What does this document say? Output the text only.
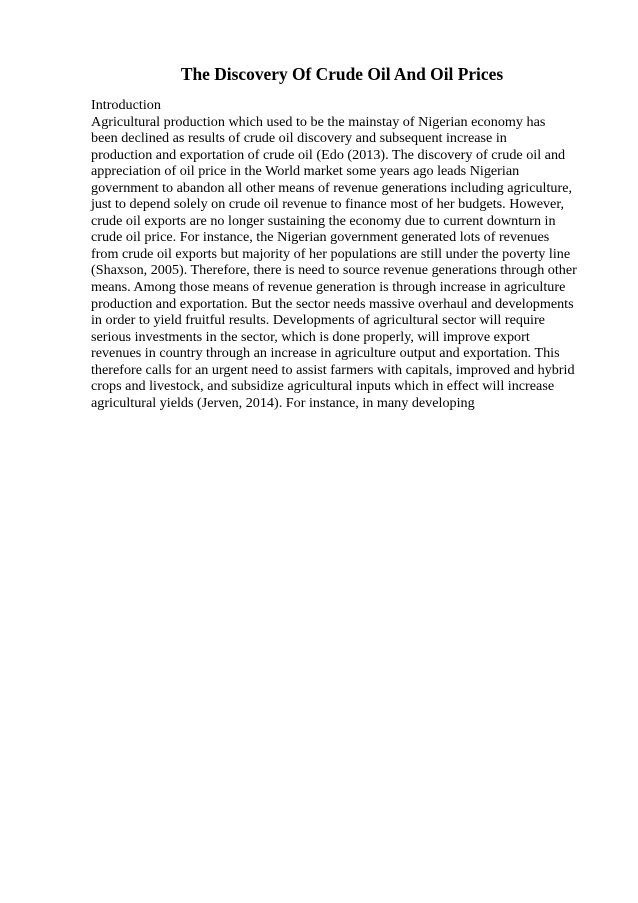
The Discovery Of Crude Oil And Oil Prices
Introduction
Agricultural production which used to be the mainstay of Nigerian economy has
been declined as results of crude oil discovery and subsequent increase in
production and exportation of crude oil (Edo (2013). The discovery of crude oil and
appreciation of oil price in the World market some years ago leads Nigerian
government to abandon all other means of revenue generations including agriculture,
just to depend solely on crude oil revenue to finance most of her budgets. However,
crude oil exports are no longer sustaining the economy due to current downturn in
crude oil price. For instance, the Nigerian government generated lots of revenues
from crude oil exports but majority of her populations are still under the poverty line
(Shaxson, 2005). Therefore, there is need to source revenue generations through other
means. Among those means of revenue generation is through increase in agriculture
production and exportation. But the sector needs massive overhaul and developments
in order to yield fruitful results. Developments of agricultural sector will require
serious investments in the sector, which is done properly, will improve export
revenues in country through an increase in agriculture output and exportation. This
therefore calls for an urgent need to assist farmers with capitals, improved and hybrid
crops and livestock, and subsidize agricultural inputs which in effect will increase
agricultural yields (Jerven, 2014). For instance, in many developing
